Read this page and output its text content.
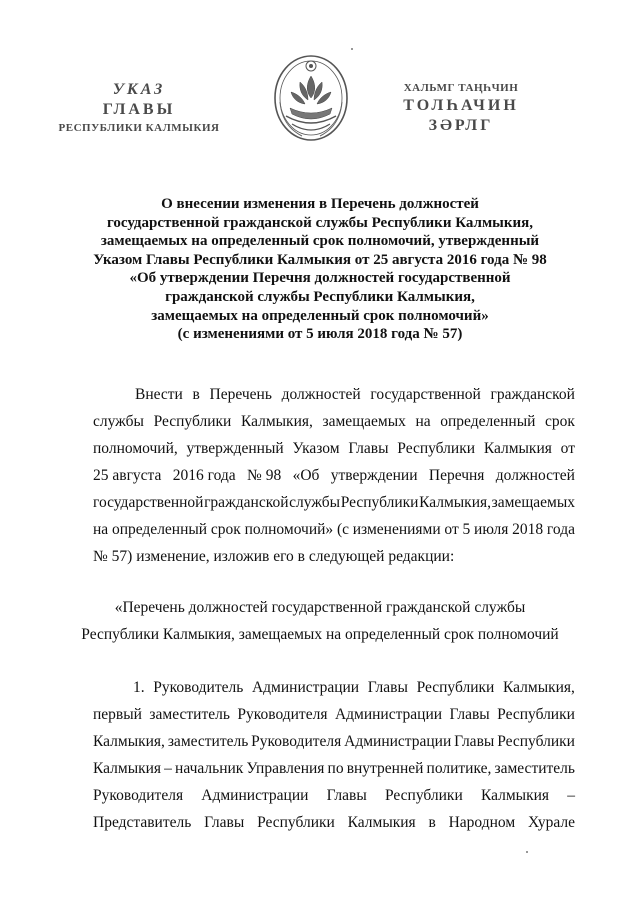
УКАЗ
ГЛАВЫ
РЕСПУБЛИКИ КАЛМЫКИЯ
ХАЛЬМГ ТАҢҺЧИН
ТОЛҺАЧИН
ЗӘРЛГ
О внесении изменения в Перечень должностей
государственной гражданской службы Республики Калмыкия,
замещаемых на определенный срок полномочий, утвержденный
Указом Главы Республики Калмыкия от 25 августа 2016 года № 98
«Об утверждении Перечня должностей государственной
гражданской службы Республики Калмыкия,
замещаемых на определенный срок полномочий»
(с изменениями от 5 июля 2018 года № 57)
Внести в Перечень должностей государственной гражданской
службы Республики Калмыкия, замещаемых на определенный срок
полномочий, утвержденный Указом Главы Республики Калмыкия от
25 августа 2016 года № 98 «Об утверждении Перечня должностей
государственной гражданской службы Республики Калмыкия, замещаемых
на определенный срок полномочий» (с изменениями от 5 июля 2018 года
№ 57) изменение, изложив его в следующей редакции:
«Перечень должностей государственной гражданской службы
Республики Калмыкия, замещаемых на определенный срок полномочий
1. Руководитель Администрации Главы Республики Калмыкия,
первый заместитель Руководителя Администрации Главы Республики
Калмыкия, заместитель Руководителя Администрации Главы Республики
Калмыкия – начальник Управления по внутренней политике, заместитель
Руководителя Администрации Главы Республики Калмыкия –
Представитель Главы Республики Калмыкия в Народном Хурале
